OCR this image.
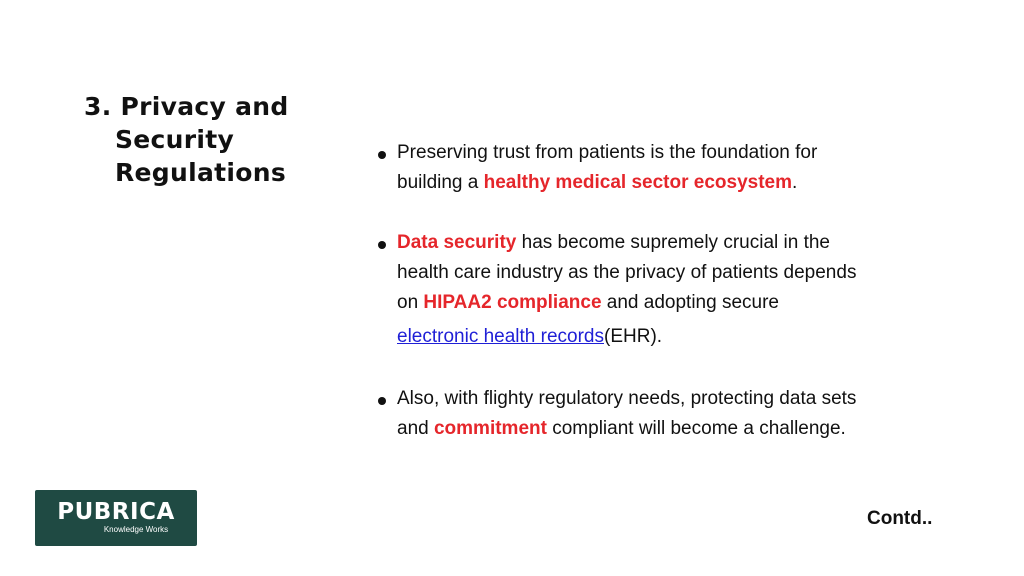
3. Privacy and
Security
Regulations
Preserving trust from patients is the foundation for
building a healthy medical sector ecosystem.
Data security has become supremely crucial in the
health care industry as the privacy of patients depends
on HIPAA2 compliance and adopting secure
electronic health records(EHR).
Also, with flighty regulatory needs, protecting data sets
and commitment compliant will become a challenge.
PUBRICA
Knowledge Works
Contd..
